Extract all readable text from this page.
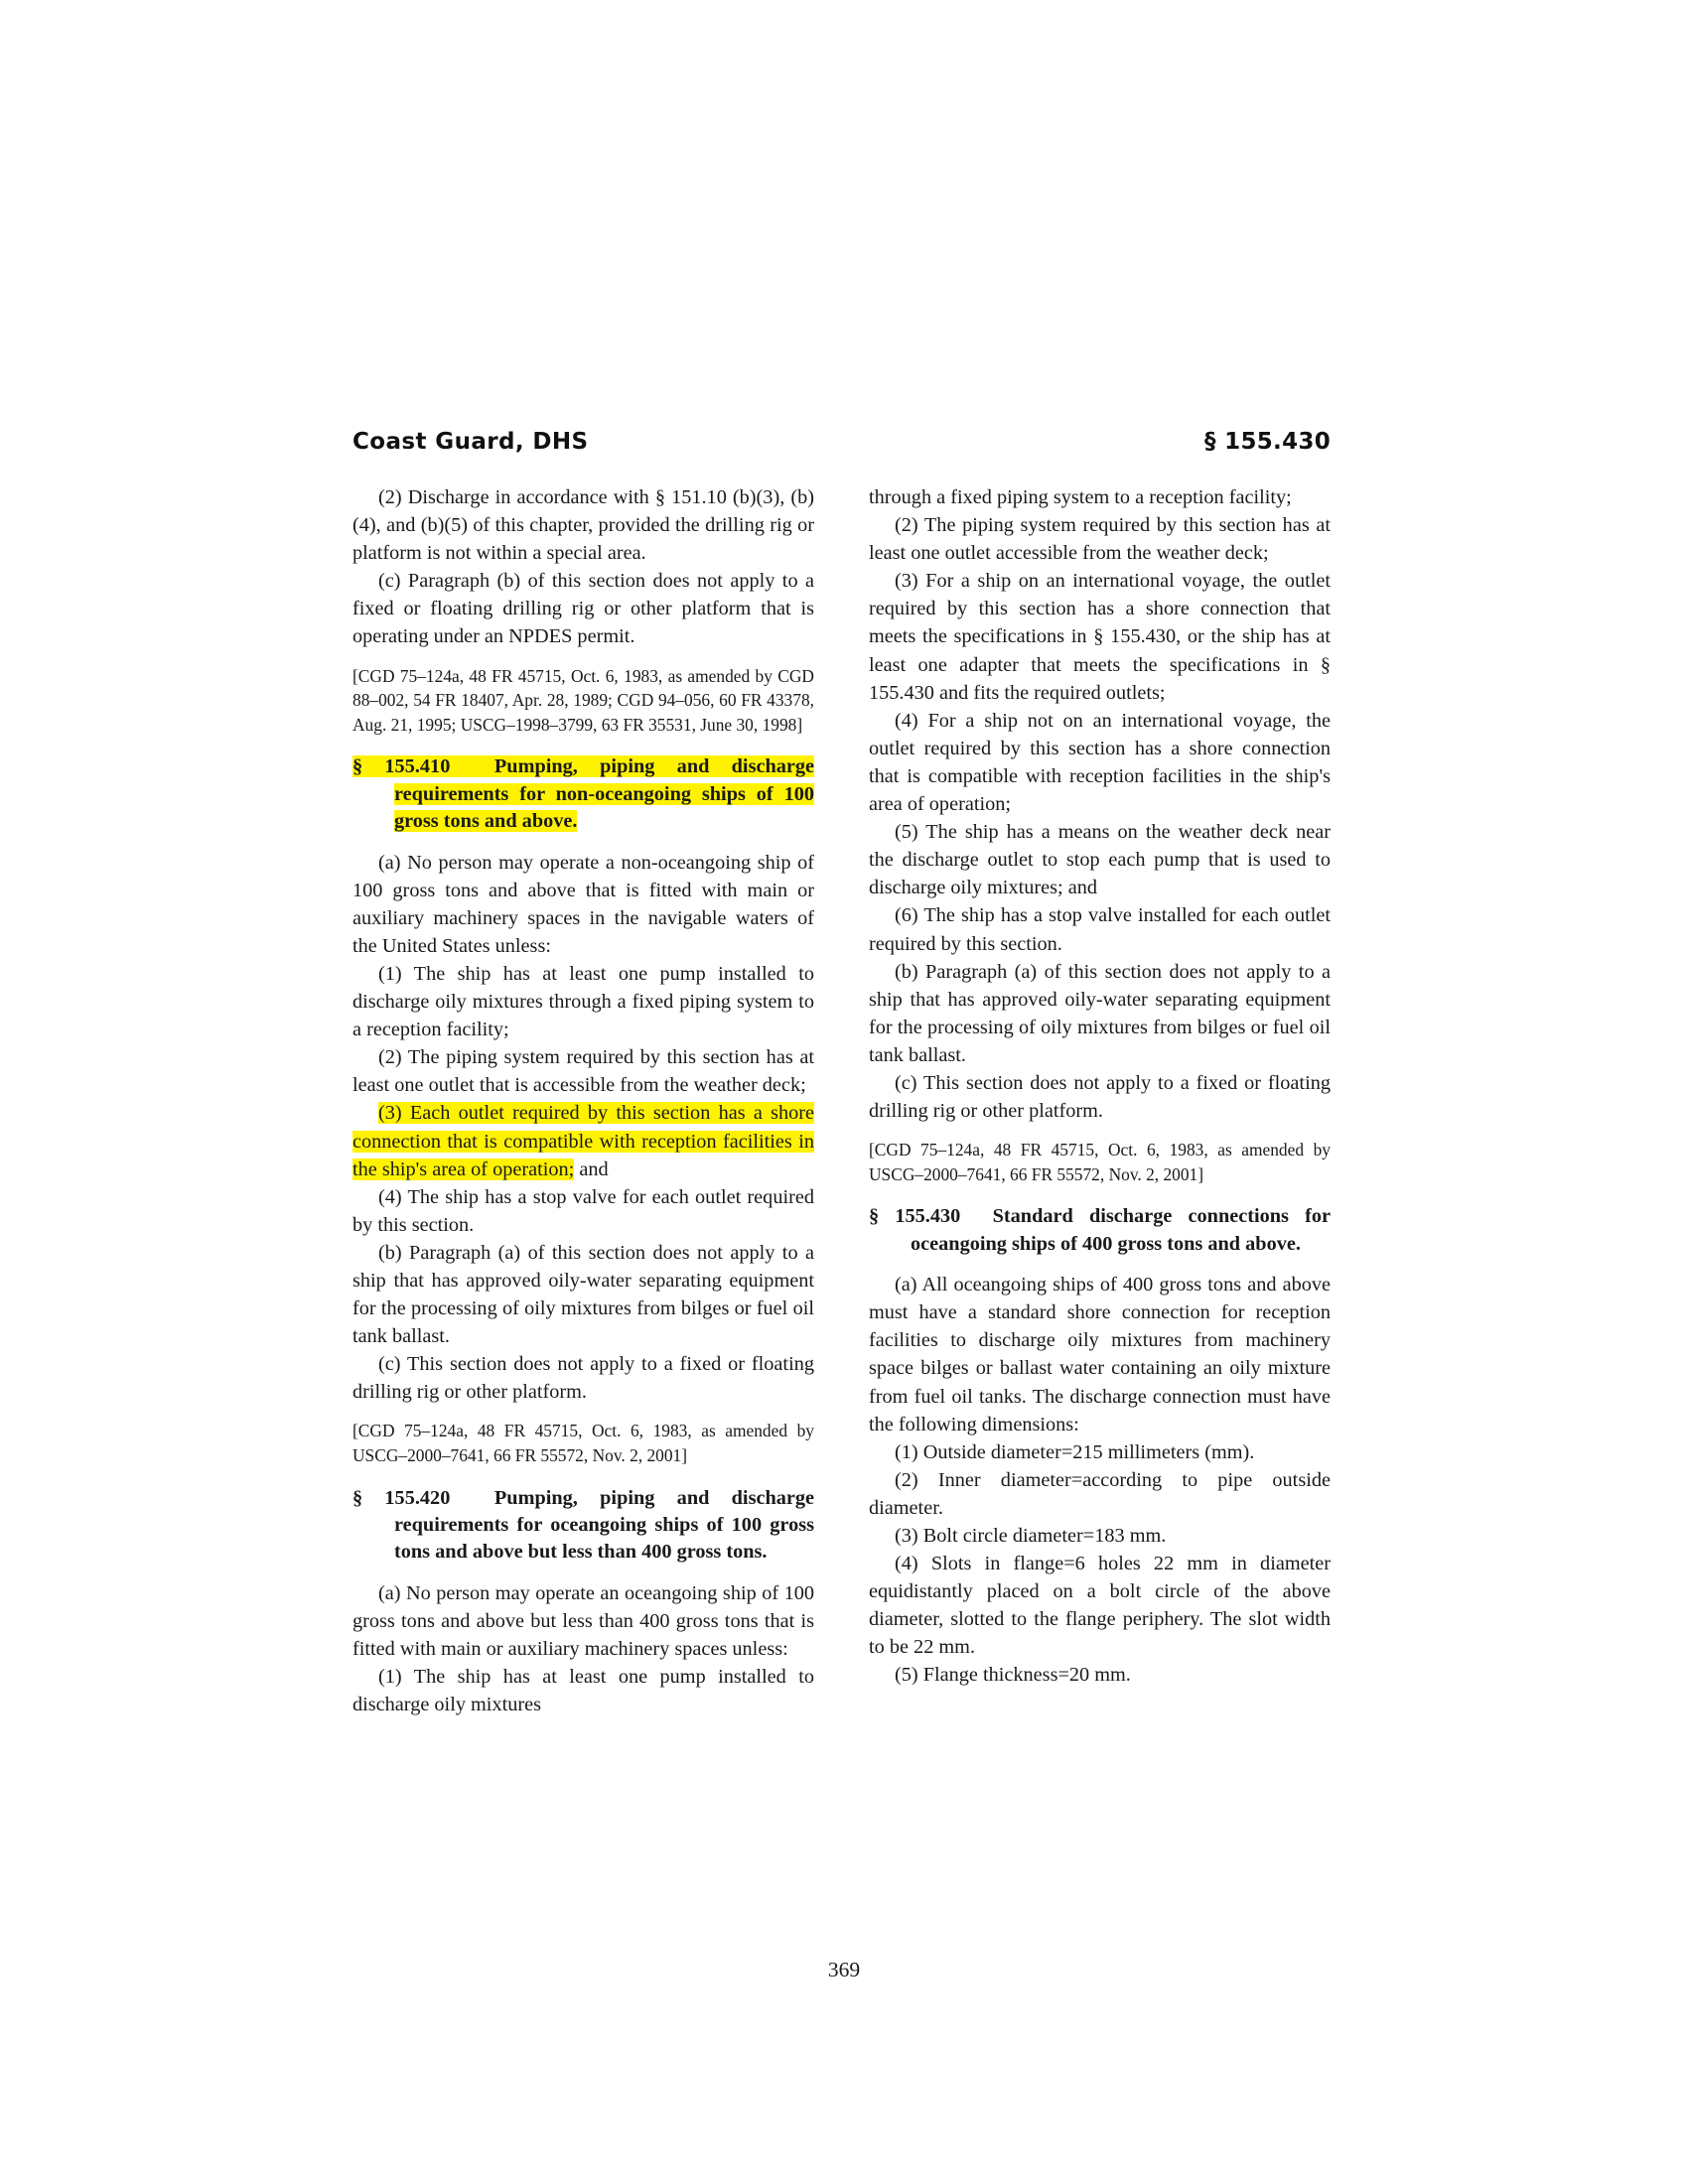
Coast Guard, DHS	§ 155.430

(2) Discharge in accordance with § 151.10 (b)(3), (b)(4), and (b)(5) of this chapter, provided the drilling rig or platform is not within a special area.

(c) Paragraph (b) of this section does not apply to a fixed or floating drilling rig or other platform that is operating under an NPDES permit.

[CGD 75–124a, 48 FR 45715, Oct. 6, 1983, as amended by CGD 88–002, 54 FR 18407, Apr. 28, 1989; CGD 94–056, 60 FR 43378, Aug. 21, 1995; USCG–1998–3799, 63 FR 35531, June 30, 1998]

§ 155.410 Pumping, piping and discharge requirements for non-oceangoing ships of 100 gross tons and above.

(a) No person may operate a non-oceangoing ship of 100 gross tons and above that is fitted with main or auxiliary machinery spaces in the navigable waters of the United States unless:

(1) The ship has at least one pump installed to discharge oily mixtures through a fixed piping system to a reception facility;

(2) The piping system required by this section has at least one outlet that is accessible from the weather deck;

(3) Each outlet required by this section has a shore connection that is compatible with reception facilities in the ship's area of operation; and

(4) The ship has a stop valve for each outlet required by this section.

(b) Paragraph (a) of this section does not apply to a ship that has approved oily-water separating equipment for the processing of oily mixtures from bilges or fuel oil tank ballast.

(c) This section does not apply to a fixed or floating drilling rig or other platform.

[CGD 75–124a, 48 FR 45715, Oct. 6, 1983, as amended by USCG–2000–7641, 66 FR 55572, Nov. 2, 2001]

§ 155.420 Pumping, piping and discharge requirements for oceangoing ships of 100 gross tons and above but less than 400 gross tons.

(a) No person may operate an oceangoing ship of 100 gross tons and above but less than 400 gross tons that is fitted with main or auxiliary machinery spaces unless:

(1) The ship has at least one pump installed to discharge oily mixtures

through a fixed piping system to a reception facility;

(2) The piping system required by this section has at least one outlet accessible from the weather deck;

(3) For a ship on an international voyage, the outlet required by this section has a shore connection that meets the specifications in § 155.430, or the ship has at least one adapter that meets the specifications in § 155.430 and fits the required outlets;

(4) For a ship not on an international voyage, the outlet required by this section has a shore connection that is compatible with reception facilities in the ship's area of operation;

(5) The ship has a means on the weather deck near the discharge outlet to stop each pump that is used to discharge oily mixtures; and

(6) The ship has a stop valve installed for each outlet required by this section.

(b) Paragraph (a) of this section does not apply to a ship that has approved oily-water separating equipment for the processing of oily mixtures from bilges or fuel oil tank ballast.

(c) This section does not apply to a fixed or floating drilling rig or other platform.

[CGD 75–124a, 48 FR 45715, Oct. 6, 1983, as amended by USCG–2000–7641, 66 FR 55572, Nov. 2, 2001]

§ 155.430 Standard discharge connections for oceangoing ships of 400 gross tons and above.

(a) All oceangoing ships of 400 gross tons and above must have a standard shore connection for reception facilities to discharge oily mixtures from machinery space bilges or ballast water containing an oily mixture from fuel oil tanks. The discharge connection must have the following dimensions:

(1) Outside diameter=215 millimeters (mm).

(2) Inner diameter=according to pipe outside diameter.

(3) Bolt circle diameter=183 mm.

(4) Slots in flange=6 holes 22 mm in diameter equidistantly placed on a bolt circle of the above diameter, slotted to the flange periphery. The slot width to be 22 mm.

(5) Flange thickness=20 mm.

369
